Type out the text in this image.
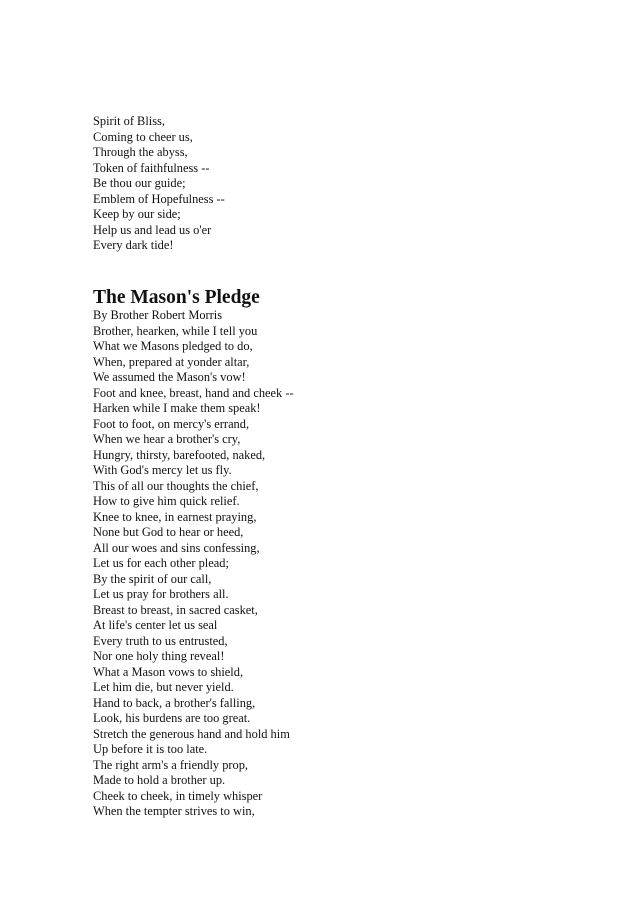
Spirit of Bliss,
Coming to cheer us,
Through the abyss,
Token of faithfulness --
Be thou our guide;
Emblem of Hopefulness --
Keep by our side;
Help us and lead us o'er
Every dark tide!
The Mason's Pledge
By Brother Robert Morris
Brother, hearken, while I tell you
What we Masons pledged to do,
When, prepared at yonder altar,
We assumed the Mason's vow!
Foot and knee, breast, hand and cheek --
Harken while I make them speak!
Foot to foot, on mercy's errand,
When we hear a brother's cry,
Hungry, thirsty, barefooted, naked,
With God's mercy let us fly.
This of all our thoughts the chief,
How to give him quick relief.
Knee to knee, in earnest praying,
None but God to hear or heed,
All our woes and sins confessing,
Let us for each other plead;
By the spirit of our call,
Let us pray for brothers all.
Breast to breast, in sacred casket,
At life's center let us seal
Every truth to us entrusted,
Nor one holy thing reveal!
What a Mason vows to shield,
Let him die, but never yield.
Hand to back, a brother's falling,
Look, his burdens are too great.
Stretch the generous hand and hold him
Up before it is too late.
The right arm's a friendly prop,
Made to hold a brother up.
Cheek to cheek, in timely whisper
When the tempter strives to win,
